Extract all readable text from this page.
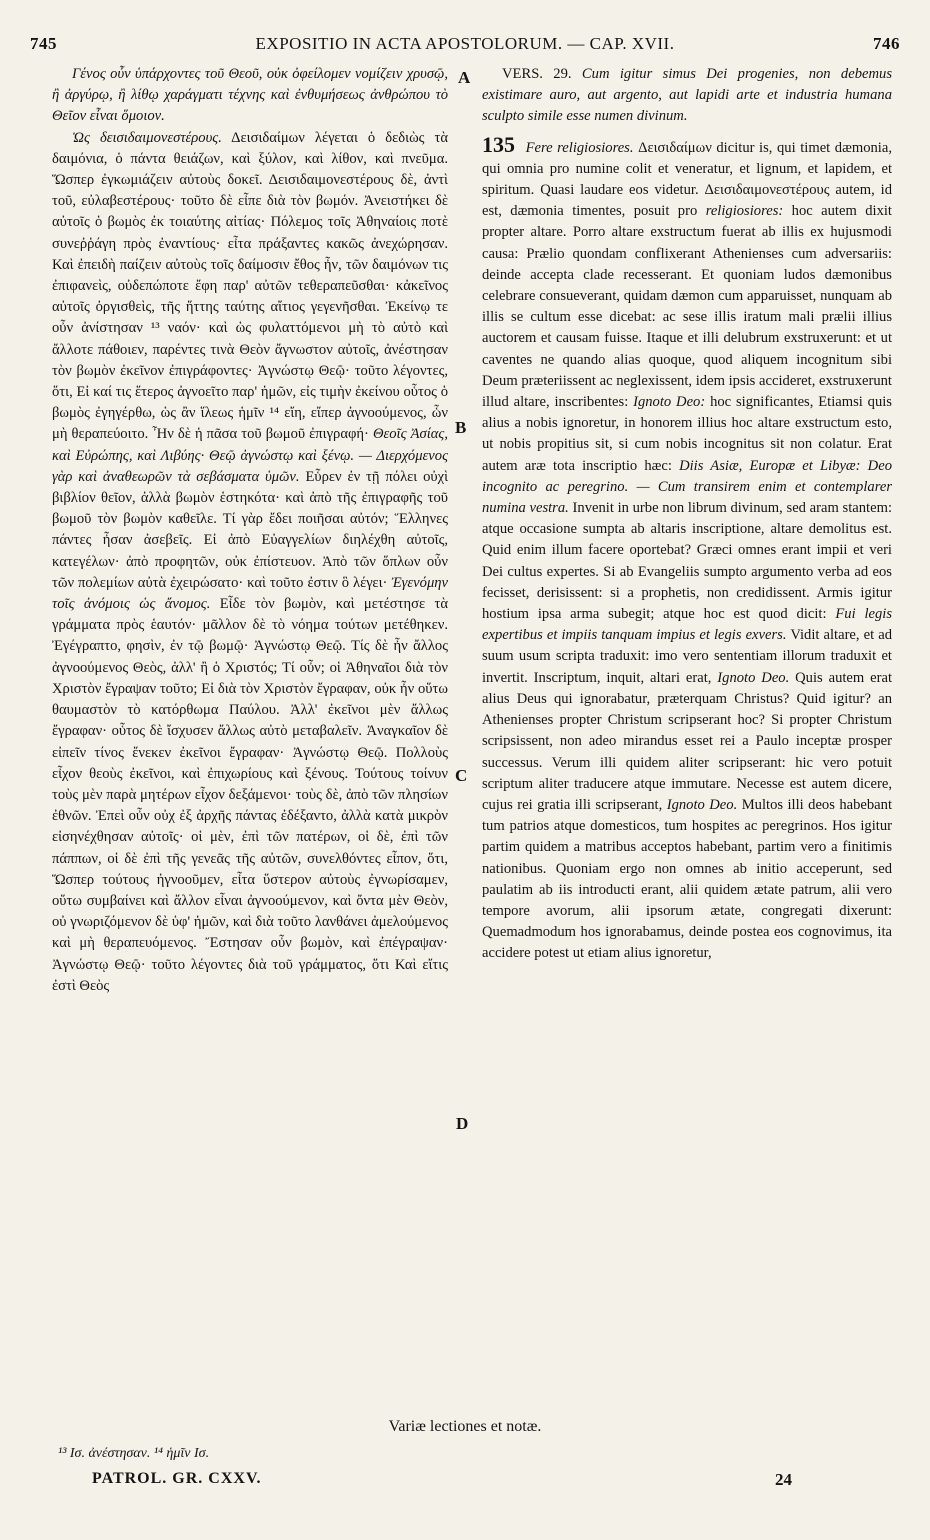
745	EXPOSITIO IN ACTA APOSTOLORUM. — CAP. XVII.	746
A
B
C
D

Γένος οὖν ὑπάρχοντες τοῦ Θεοῦ, οὐκ ὀφείλομεν νομίζειν χρυσῷ, ἢ ἀργύρῳ, ἢ λίθῳ χαράγματι τέχνης καὶ ἐνθυμήσεως ἀνθρώπου τὸ Θεῖον εἶναι ὅμοιον.

Ὡς δεισιδαιμονεστέρους. Δεισιδαίμων λέγεται ὁ δεδιὼς τὰ δαιμόνια, ὁ πάντα θειάζων, καὶ ξύλον, καὶ λίθον, καὶ πνεῦμα. Ὥσπερ ἐγκωμιάζειν αὐτοὺς δοκεῖ. Δεισιδαιμονεστέρους δὲ, ἀντὶ τοῦ, εὐλαβεστέρους· τοῦτο δὲ εἶπε διὰ τὸν βωμόν. Ἀνειστήκει δὲ αὐτοῖς ὁ βωμὸς ἐκ τοιαύτης αἰτίας· Πόλεμος τοῖς Ἀθηναίοις ποτὲ συνεῤῥάγη πρὸς ἐναντίους· εἶτα πράξαντες κακῶς ἀνεχώρησαν. Καὶ ἐπειδὴ παίζειν αὐτοὺς τοῖς δαίμοσιν ἔθος ἦν, τῶν δαιμόνων τις ἐπιφανεὶς, οὐδεπώποτε ἔφη παρ' αὐτῶν τεθεραπεῦσθαι· κἀκεῖνος αὐτοῖς ὀργισθεὶς, τῆς ἥττης ταύτης αἴτιος γεγενῆσθαι. Ἐκείνῳ τε οὖν ἀνίστησαν ¹³ ναόν· καὶ ὡς φυλαττόμενοι μὴ τὸ αὐτὸ καὶ ἄλλοτε πάθοιεν, παρέντες τινὰ Θεὸν ἄγνωστον αὐτοῖς, ἀνέστησαν τὸν βωμὸν ἐκεῖνον ἐπιγράφοντες· Ἀγνώστῳ Θεῷ· τοῦτο λέγοντες, ὅτι, Εἰ καί τις ἕτερος ἀγνοεῖτο παρ' ἡμῶν, εἰς τιμὴν ἐκείνου οὗτος ὁ βωμὸς ἐγηγέρθω, ὡς ἂν ἵλεως ἡμῖν ¹⁴ εἴη, εἴπερ ἀγνοούμενος, ὧν μὴ θεραπεύοιτο. Ἦν δὲ ἡ πᾶσα τοῦ βωμοῦ ἐπιγραφή· Θεοῖς Ἀσίας, καὶ Εὐρώπης, καὶ Λιβύης· Θεῷ ἀγνώστῳ καὶ ξένῳ. — Διερχόμενος γὰρ καὶ ἀναθεωρῶν τὰ σεβάσματα ὑμῶν. Εὗρεν ἐν τῇ πόλει οὐχὶ βιβλίον θεῖον, ἀλλὰ βωμὸν ἑστηκότα· καὶ ἀπὸ τῆς ἐπιγραφῆς τοῦ βωμοῦ τὸν βωμὸν καθεῖλε. Τί γὰρ ἔδει ποιῆσαι αὐτόν; Ἕλληνες πάντες ἦσαν ἀσεβεῖς. Εἰ ἀπὸ Εὐαγγελίων διηλέχθη αὐτοῖς, κατεγέλων· ἀπὸ προφητῶν, οὐκ ἐπίστευον. Ἀπὸ τῶν ὅπλων οὖν τῶν πολεμίων αὐτὰ ἐχειρώσατο· καὶ τοῦτο ἐστιν ὃ λέγει· Ἐγενόμην τοῖς ἀνόμοις ὡς ἄνομος. Εἶδε τὸν βωμὸν, καὶ μετέστησε τὰ γράμματα πρὸς ἑαυτόν· μᾶλλον δὲ τὸ νόημα τούτων μετέθηκεν. Ἐγέγραπτο, φησὶν, ἐν τῷ βωμῷ· Ἀγνώστῳ Θεῷ. Τίς δὲ ἦν ἄλλος ἀγνοούμενος Θεὸς, ἀλλ' ἢ ὁ Χριστός; Τί οὖν; οἱ Ἀθηναῖοι διὰ τὸν Χριστὸν ἔγραψαν τοῦτο; Εἰ διὰ τὸν Χριστὸν ἔγραφαν, οὐκ ἦν οὕτω θαυμαστὸν τὸ κατόρθωμα Παύλου. Ἀλλ' ἐκεῖνοι μὲν ἄλλως ἔγραφαν· οὗτος δὲ ἴσχυσεν ἄλλως αὐτὸ μεταβαλεῖν. Ἀναγκαῖον δὲ εἰπεῖν τίνος ἕνεκεν ἐκεῖνοι ἔγραφαν· Ἀγνώστῳ Θεῷ. Πολλοὺς εἶχον θεοὺς ἐκεῖνοι, καὶ ἐπιχωρίους καὶ ξένους. Τούτους τοίνυν τοὺς μὲν παρὰ μητέρων εἶχον δεξάμενοι· τοὺς δὲ, ἀπὸ τῶν πλησίων ἐθνῶν. Ἐπεὶ οὖν οὐχ ἐξ ἀρχῆς πάντας ἐδέξαντο, ἀλλὰ κατὰ μικρὸν εἰσηνέχθησαν αὐτοῖς· οἱ μὲν, ἐπὶ τῶν πατέρων, οἱ δὲ, ἐπὶ τῶν πάππων, οἱ δὲ ἐπὶ τῆς γενεᾶς τῆς αὐτῶν, συνελθόντες εἶπον, ὅτι, Ὥσπερ τούτους ἠγνοοῦμεν, εἶτα ὕστερον αὐτοὺς ἐγνωρίσαμεν, οὕτω συμβαίνει καὶ ἄλλον εἶναι ἀγνοούμενον, καὶ ὄντα μὲν Θεὸν, οὐ γνωριζόμενον δὲ ὑφ' ἡμῶν, καὶ διὰ τοῦτο λανθάνει ἀμελούμενος καὶ μὴ θεραπευόμενος. Ἔστησαν οὖν βωμὸν, καὶ ἐπέγραψαν· Ἀγνώστῳ Θεῷ· τοῦτο λέγοντες διὰ τοῦ γράμματος, ὅτι Καὶ εἴτις ἐστὶ Θεὸς

VERS. 29. Cum igitur simus Dei progenies, non debemus existimare auro, aut argento, aut lapidi arte et industria humana sculpto simile esse numen divinum.

135 Fere religiosiores. Δεισιδαίμων dicitur is, qui timet dæmonia, qui omnia pro numine colit et veneratur, et lignum, et lapidem, et spiritum. Quasi laudare eos videtur. Δεισιδαιμονεστέρους autem, id est, dæmonia timentes, posuit pro religiosiores: hoc autem dixit propter altare. Porro altare exstructum fuerat ab illis ex hujusmodi causa: Prælio quondam conflixerant Athenienses cum adversariis: deinde accepta clade recesserant. Et quoniam ludos dæmonibus celebrare consueverant, quidam dæmon cum apparuisset, nunquam ab illis se cultum esse dicebat: ac sese illis iratum mali prælii illius auctorem et causam fuisse. Itaque et illi delubrum exstruxerunt: et ut caventes ne quando alias quoque, quod aliquem incognitum sibi Deum præteriissent ac neglexissent, idem ipsis accideret, exstruxerunt illud altare, inscribentes: Ignoto Deo: hoc significantes, Etiamsi quis alius a nobis ignoretur, in honorem illius hoc altare exstructum esto, ut nobis propitius sit, si cum nobis incognitus sit non colatur. Erat autem aræ tota inscriptio hæc: Diis Asiæ, Europæ et Libyæ: Deo incognito ac peregrino. — Cum transirem enim et contemplarer numina vestra. Invenit in urbe non librum divinum, sed aram stantem: atque occasione sumpta ab altaris inscriptione, altare demolitus est. Quid enim illum facere oportebat? Græci omnes erant impii et veri Dei cultus expertes. Si ab Evangeliis sumpto argumento verba ad eos fecisset, derisissent: si a prophetis, non credidissent. Armis igitur hostium ipsa arma subegit; atque hoc est quod dicit: Fui legis expertibus et impiis tanquam impius et legis exvers. Vidit altare, et ad suum usum scripta traduxit: imo vero sententiam illorum traduxit et invertit. Inscriptum, inquit, altari erat, Ignoto Deo. Quis autem erat alius Deus qui ignorabatur, præterquam Christus? Quid igitur? an Athenienses propter Christum scripserant hoc? Si propter Christum scripsissent, non adeo mirandus esset rei a Paulo inceptæ prosper successus. Verum illi quidem aliter scripserant: hic vero potuit scriptum aliter traducere atque immutare. Necesse est autem dicere, cujus rei gratia illi scripserant, Ignoto Deo. Multos illi deos habebant tum patrios atque domesticos, tum hospites ac peregrinos. Hos igitur partim quidem a matribus acceptos habebant, partim vero a finitimis nationibus. Quoniam ergo non omnes ab initio acceperunt, sed paulatim ab iis introducti erant, alii quidem ætate patrum, alii vero tempore avorum, alii ipsorum ætate, congregati dixerunt: Quemadmodum hos ignorabamus, deinde postea eos cognovimus, ita accidere potest ut etiam alius ignoretur,

Variæ lectiones et notæ.
¹³ Ισ. ἀνέστησαν. ¹⁴ ἡμῖν Ισ.
PATROL. GR. CXXV.	24
